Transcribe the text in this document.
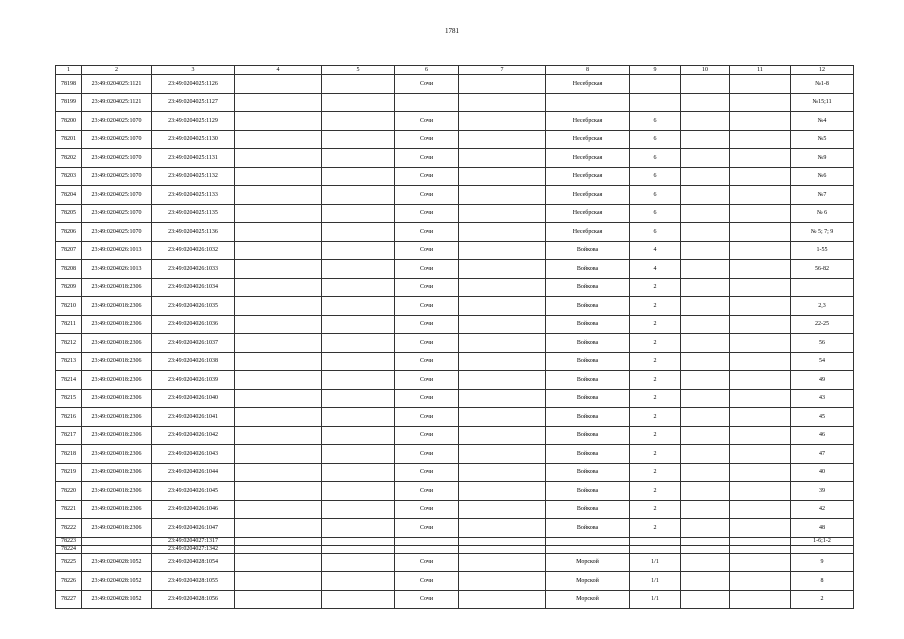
1781
1	2	3	4	5	6	7	8	9	10	11	12
78198	23:49:0204025:1121	23:49:0204025:1126			Сочи		Несебрская				№1-8
78199	23:49:0204025:1121	23:49:0204025:1127									№15;11
78200	23:49:0204025:1070	23:49:0204025:1129			Сочи		Несебрская	6			№4
78201	23:49:0204025:1070	23:49:0204025:1130			Сочи		Несебрская	6			№5
78202	23:49:0204025:1070	23:49:0204025:1131			Сочи		Несебрская	6			№9
78203	23:49:0204025:1070	23:49:0204025:1132			Сочи		Несебрская	6			№6
78204	23:49:0204025:1070	23:49:0204025:1133			Сочи		Несебрская	6			№7
78205	23:49:0204025:1070	23:49:0204025:1135			Сочи		Несебрская	6			№ 6
78206	23:49:0204025:1070	23:49:0204025:1136			Сочи		Несебрская	6			№ 5; 7; 9
78207	23:49:0204026:1013	23:49:0204026:1032			Сочи		Войкова	4			1-55
78208	23:49:0204026:1013	23:49:0204026:1033			Сочи		Войкова	4			56-82
78209	23:49:0204018:2306	23:49:0204026:1034			Сочи		Войкова	2			
78210	23:49:0204018:2306	23:49:0204026:1035			Сочи		Войкова	2			2,3
78211	23:49:0204018:2306	23:49:0204026:1036			Сочи		Войкова	2			22-25
78212	23:49:0204018:2306	23:49:0204026:1037			Сочи		Войкова	2			56
78213	23:49:0204018:2306	23:49:0204026:1038			Сочи		Войкова	2			54
78214	23:49:0204018:2306	23:49:0204026:1039			Сочи		Войкова	2			49
78215	23:49:0204018:2306	23:49:0204026:1040			Сочи		Войкова	2			43
78216	23:49:0204018:2306	23:49:0204026:1041			Сочи		Войкова	2			45
78217	23:49:0204018:2306	23:49:0204026:1042			Сочи		Войкова	2			46
78218	23:49:0204018:2306	23:49:0204026:1043			Сочи		Войкова	2			47
78219	23:49:0204018:2306	23:49:0204026:1044			Сочи		Войкова	2			40
78220	23:49:0204018:2306	23:49:0204026:1045			Сочи		Войкова	2			39
78221	23:49:0204018:2306	23:49:0204026:1046			Сочи		Войкова	2			42
78222	23:49:0204018:2306	23:49:0204026:1047			Сочи		Войкова	2			48
78223		23:49:0204027:1317									1-6;1-2
78224		23:49:0204027:1342									
78225	23:49:0204028:1052	23:49:0204028:1054			Сочи		Морской	1/1			9
78226	23:49:0204028:1052	23:49:0204028:1055			Сочи		Морской	1/1			8
78227	23:49:0204028:1052	23:49:0204028:1056			Сочи		Морской	1/1			2
